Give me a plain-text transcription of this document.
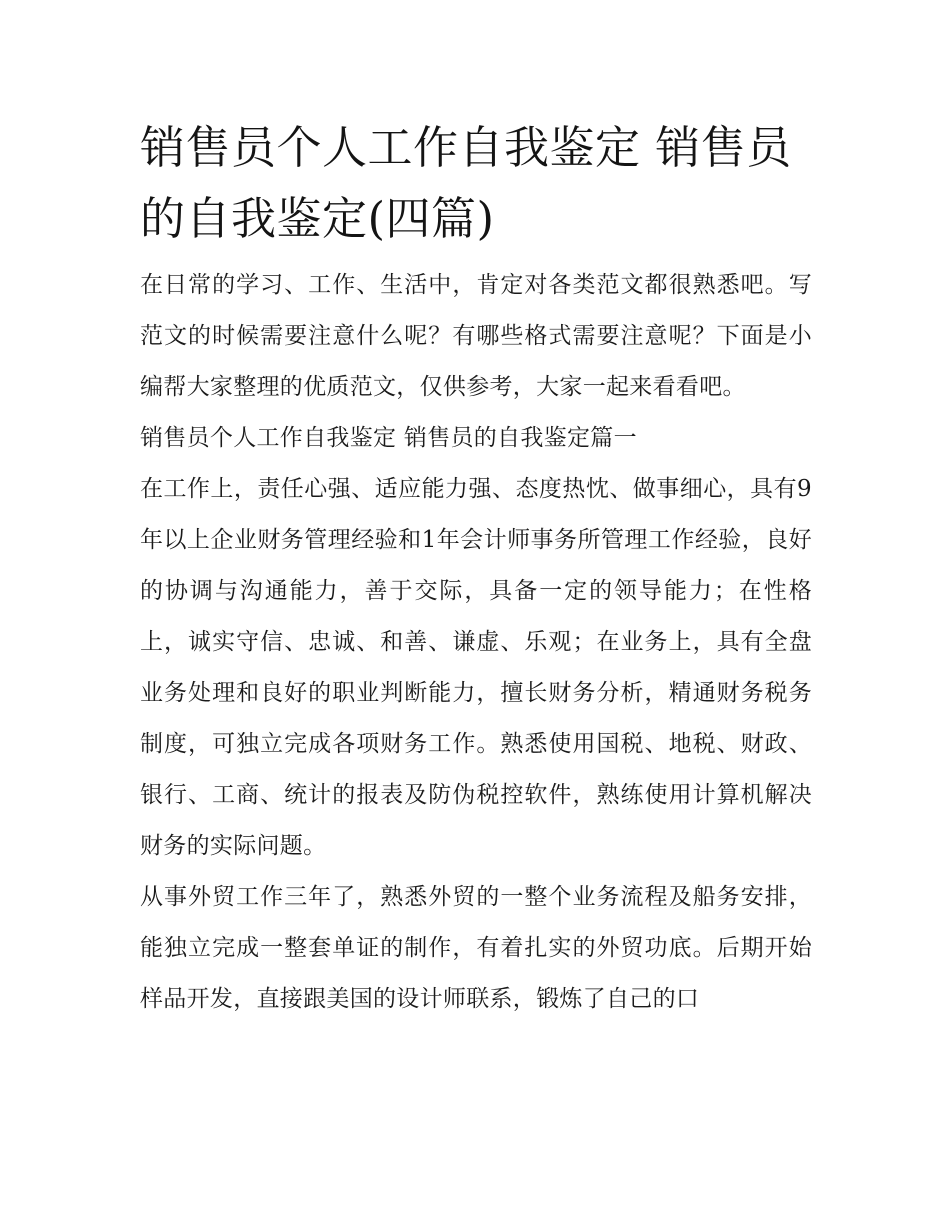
销售员个人工作自我鉴定 销售员的自我鉴定(四篇)

在日常的学习、工作、生活中，肯定对各类范文都很熟悉吧。写范文的时候需要注意什么呢？有哪些格式需要注意呢？下面是小编帮大家整理的优质范文，仅供参考，大家一起来看看吧。

销售员个人工作自我鉴定 销售员的自我鉴定篇一

在工作上，责任心强、适应能力强、态度热忱、做事细心，具有9年以上企业财务管理经验和1年会计师事务所管理工作经验，良好的协调与沟通能力，善于交际，具备一定的领导能力；在性格上，诚实守信、忠诚、和善、谦虚、乐观；在业务上，具有全盘业务处理和良好的职业判断能力，擅长财务分析，精通财务税务制度，可独立完成各项财务工作。熟悉使用国税、地税、财政、银行、工商、统计的报表及防伪税控软件，熟练使用计算机解决财务的实际问题。

从事外贸工作三年了，熟悉外贸的一整个业务流程及船务安排，能独立完成一整套单证的制作，有着扎实的外贸功底。后期开始样品开发，直接跟美国的设计师联系，锻炼了自己的口
